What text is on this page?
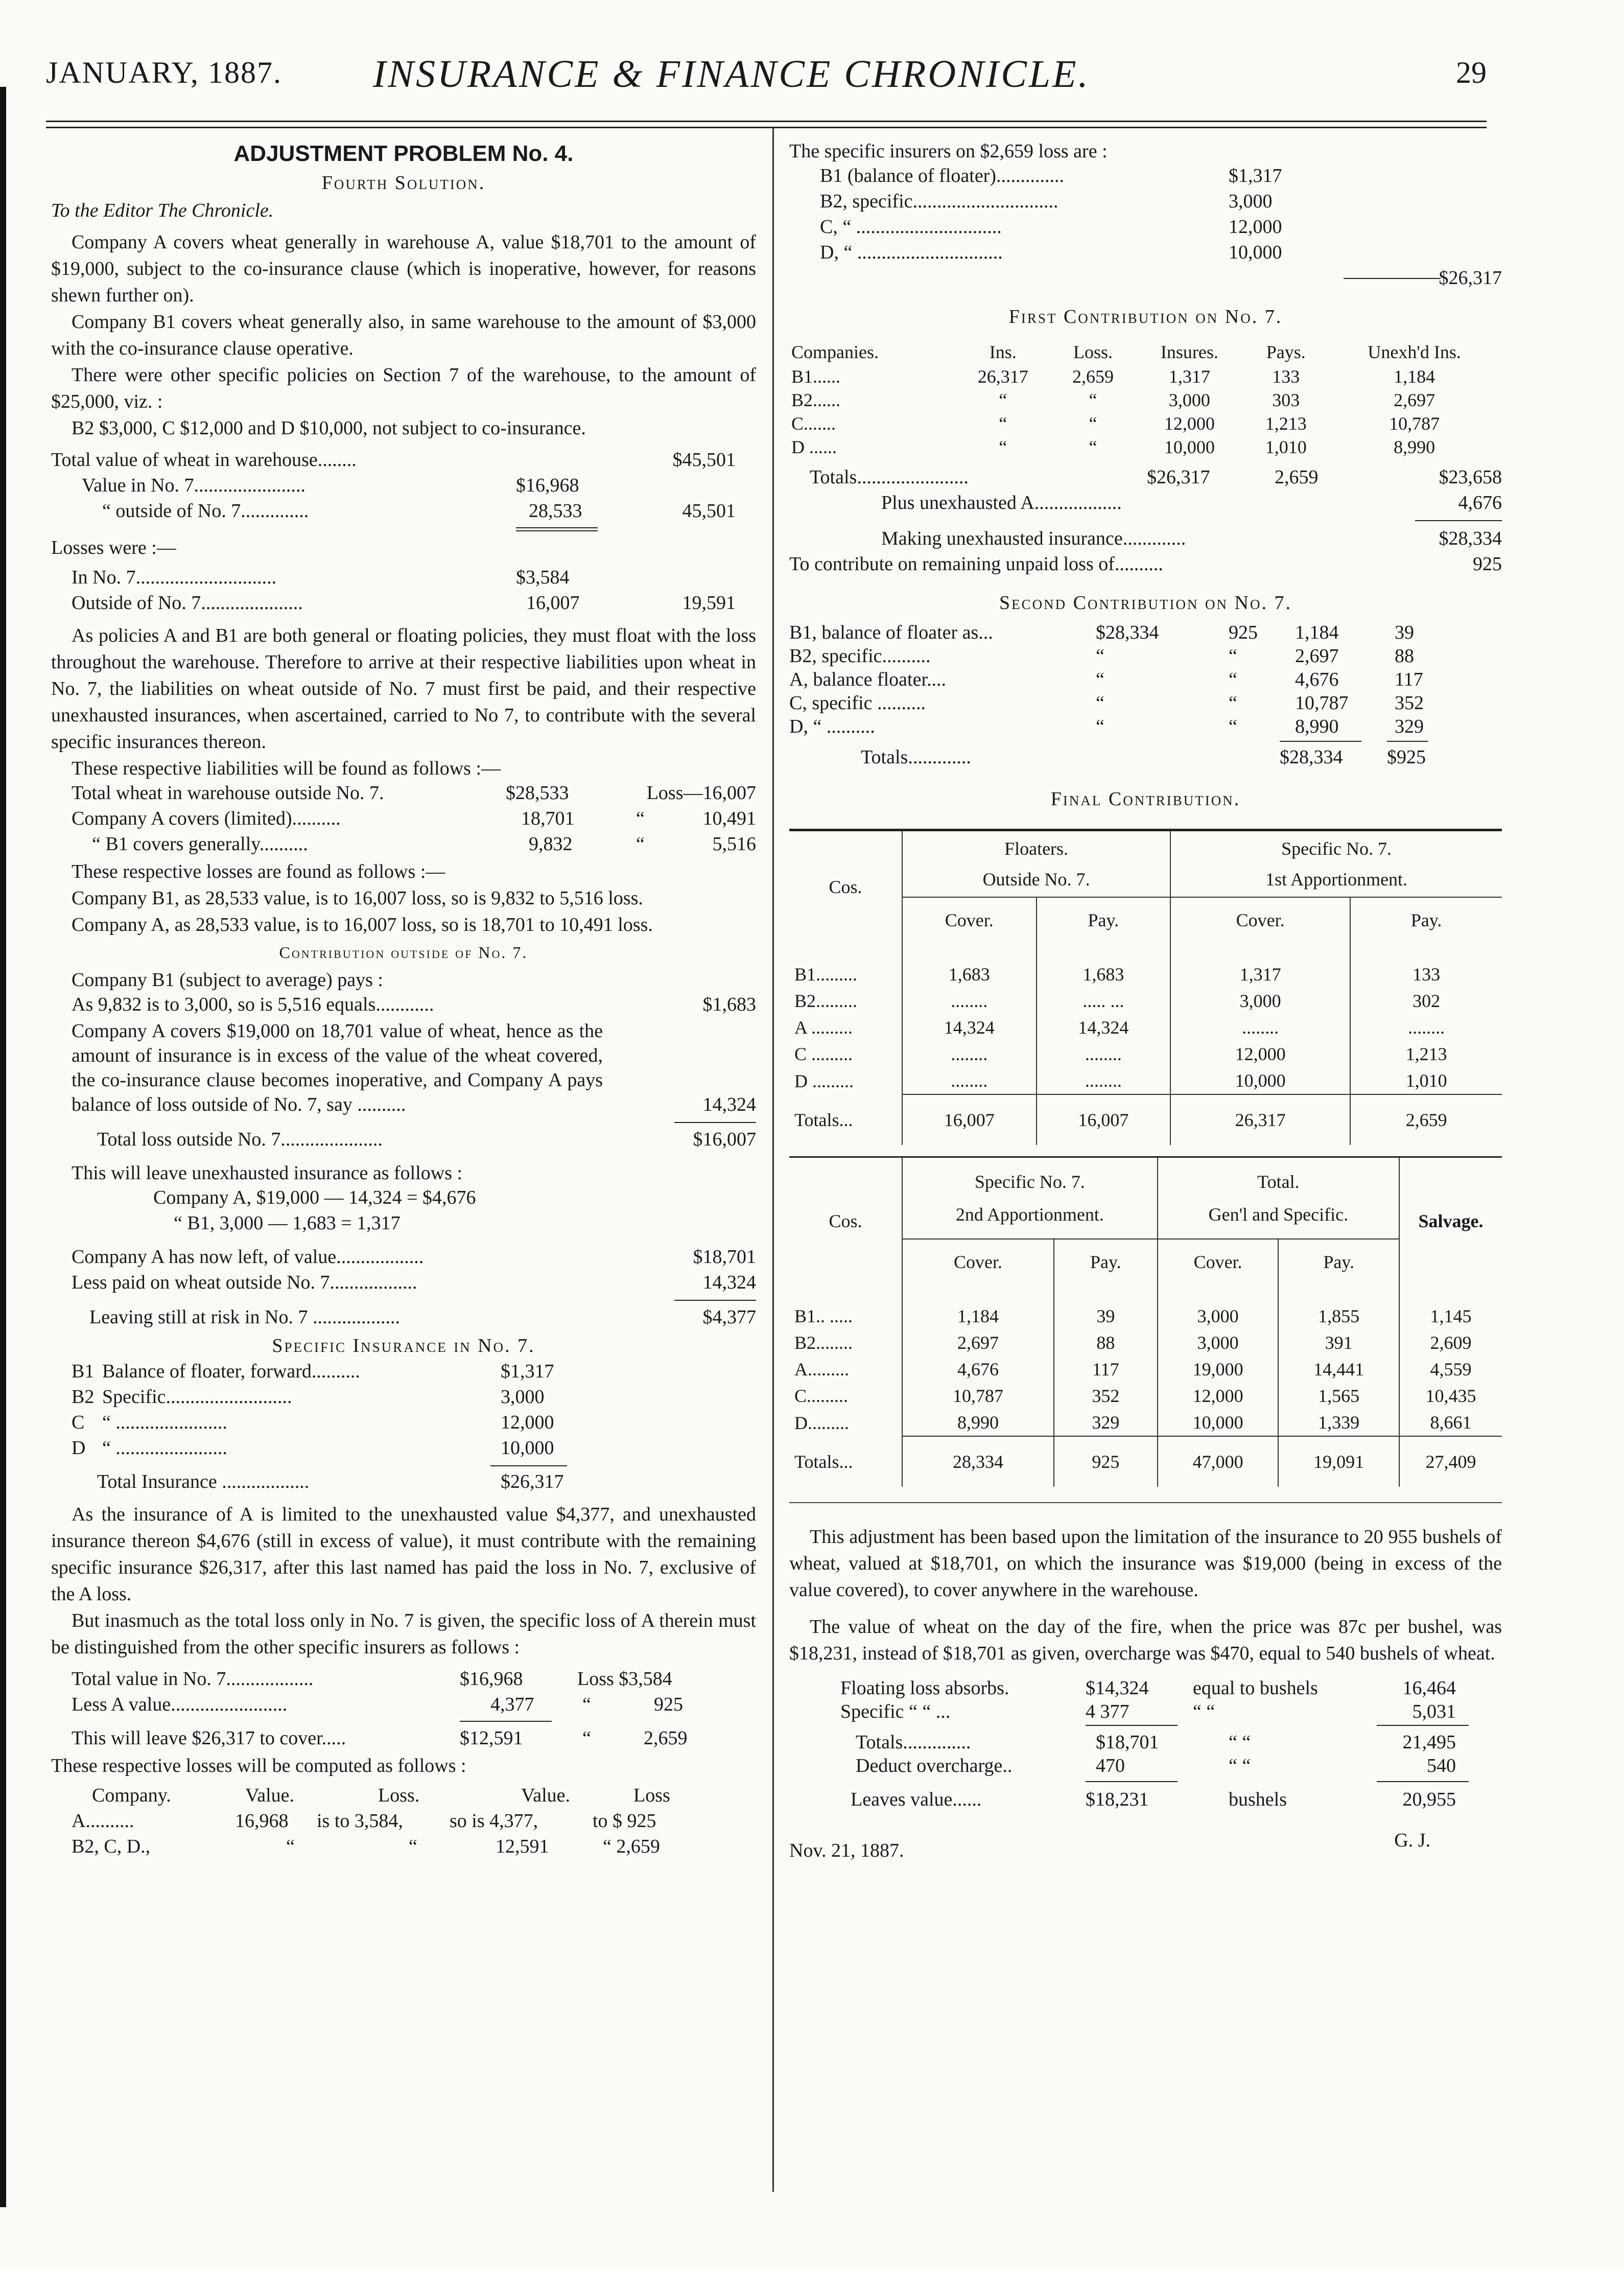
JANUARY, 1887. INSURANCE & FINANCE CHRONICLE.	29

ADJUSTMENT PROBLEM No. 4.

Fourth Solution.

To the Editor The Chronicle.

Company A covers wheat generally in warehouse A, value $18,701 to the amount of $19,000, subject to the co-insurance clause (which is inoperative, however, for reasons shewn further on).

Company B1 covers wheat generally also, in same warehouse to the amount of $3,000 with the co-insurance clause operative.

There were other specific policies on Section 7 of the warehouse, to the amount of $25,000, viz. :

B2 $3,000, C $12,000 and D $10,000, not subject to co-insurance.

Total value of wheat in warehouse........	$45,501
Value in No. 7.......................	$16,968
“ outside of No. 7..............	28,533	45,501

Losses were :—

In No. 7.............................	$3,584
Outside of No. 7.....................	16,007	19,591

As policies A and B1 are both general or floating policies, they must float with the loss throughout the warehouse. Therefore to arrive at their respective liabilities upon wheat in No. 7, the liabilities on wheat outside of No. 7 must first be paid, and their respective unexhausted insurances, when ascertained, carried to No 7, to contribute with the several specific insurances thereon.

These respective liabilities will be found as follows :—

Total wheat in warehouse outside No. 7.	$28,533	Loss—16,007
Company A covers (limited)..........	18,701	“	10,491
“ B1 covers generally..........	9,832	“	5,516

These respective losses are found as follows :—

Company B1, as 28,533 value, is to 16,007 loss, so is 9,832 to 5,516 loss.

Company A, as 28,533 value, is to 16,007 loss, so is 18,701 to 10,491 loss.

Contribution outside of No. 7.

Company B1 (subject to average) pays :

As 9,832 is to 3,000, so is 5,516 equals............	$1,683
Company A covers $19,000 on 18,701 value of wheat, hence as the amount of insurance is in excess of the value of the wheat covered, the co-insurance clause becomes inoperative, and Company A pays balance of loss outside of No. 7, say ..........	14,324
Total loss outside No. 7.....................	$16,007

This will leave unexhausted insurance as follows :

Company A, $19,000 — 14,324 = $4,676
“ B1, 3,000 — 1,683 = 1,317
Company A has now left, of value..................	$18,701
Less paid on wheat outside No. 7..................	14,324
Leaving still at risk in No. 7 ..................	$4,377

Specific Insurance in No. 7.

B1 Balance of floater, forward..........	$1,317
B2 Specific..........................	3,000
C “ .......................	12,000
D “ .......................	10,000
Total Insurance ..................	$26,317

As the insurance of A is limited to the unexhausted value $4,377, and unexhausted insurance thereon $4,676 (still in excess of value), it must contribute with the remaining specific insurance $26,317, after this last named has paid the loss in No. 7, exclusive of the A loss.

But inasmuch as the total loss only in No. 7 is given, the specific loss of A therein must be distinguished from the other specific insurers as follows :

Total value in No. 7..................	$16,968	Loss $3,584
Less A value........................	4,377 “	925
This will leave $26,317 to cover.....	$12,591	“	2,659

These respective losses will be computed as follows :

Company.	Value.	Loss.	Value.	Loss
A..........	16,968 is to 3,584, so is 4,377,	to $ 925
B2, C, D.,	“	“	12,591	“ 2,659

The specific insurers on $2,659 loss are :

B1 (balance of floater)..............	$1,317
B2, specific..............................	3,000
C, “ ..............................	12,000
D, “ ..............................	10,000
$26,317

First Contribution on No. 7.

Companies.	Ins.	Loss.	Insures.	Pays.	Unexh'd Ins.
B1......	26,317	2,659	1,317	133	1,184
B2......	“	“	3,000	303	2,697
C.......	“	“	12,000	1,213	10,787
D ......	“	“	10,000	1,010	8,990
Totals.......................	$26,317	2,659	$23,658
Plus unexhausted A..................	4,676
Making unexhausted insurance.............	$28,334
To contribute on remaining unpaid loss of..........	925

Second Contribution on No. 7.

B1, balance of floater as...	$28,334	925 1,184	39
B2, specific..........	“	“	2,697	88
A, balance floater....	“	“	4,676	117
C, specific ..........	“	“	10,787 352
D, “ ..........	“	“	8,990	329
Totals.............	$28,334 $925

Final Contribution.

Cos.	Floaters.
Outside No. 7.		Specific No. 7.
1st Apportionment.	
	Cover.	Pay.	Cover.	Pay.
B1.........	1,683	1,683	1,317	133
B2.........	........	..... ...	3,000	302
A .........	14,324	14,324	........	........
C .........	........	........	12,000	1,213
D .........	........	........	10,000	1,010
Totals...	16,007	16,007	26,317	2,659
Cos.	Specific No. 7.
2nd Apportionment.		Total.
Gen'l and Specific.		Salvage.
	Cover.	Pay.	Cover.	Pay.	
B1.. .....	1,184	39	3,000	1,855	1,145
B2........	2,697	88	3,000	391	2,609
A.........	4,676	117	19,000	14,441	4,559
C.........	10,787	352	12,000	1,565	10,435
D.........	8,990	329	10,000	1,339	8,661
Totals...	28,334	925	47,000	19,091	27,409

This adjustment has been based upon the limitation of the insurance to 20 955 bushels of wheat, valued at $18,701, on which the insurance was $19,000 (being in excess of the value covered), to cover anywhere in the warehouse.

The value of wheat on the day of the fire, when the price was 87c per bushel, was $18,231, instead of $18,701 as given, overcharge was $470, equal to 540 bushels of wheat.

Floating loss absorbs.	$14,324 equal to bushels	16,464
Specific “ “ ...	4 377	“ “	5,031
Totals..............	$18,701	“ “	21,495
Deduct overcharge..	470	“ “	540
Leaves value......	$18,231	bushels	20,955
Nov. 21, 1887.	G. J.
